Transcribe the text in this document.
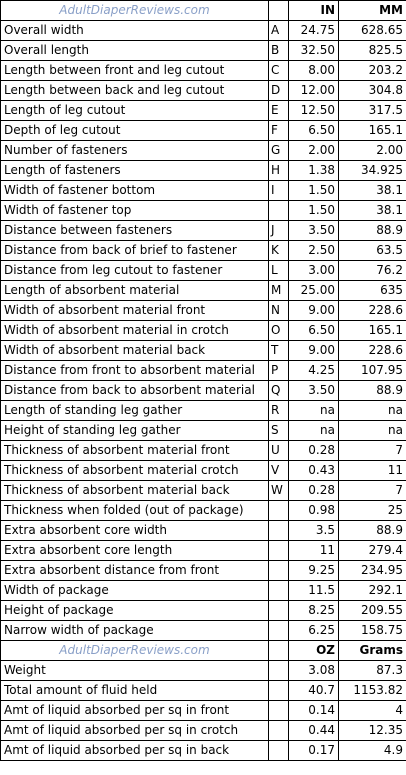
AdultDiaperReviews.com		IN	MM
Overall width	A	24.75	628.65
Overall length	B	32.50	825.5
Length between front and leg cutout	C	8.00	203.2
Length between back and leg cutout	D	12.00	304.8
Length of leg cutout	E	12.50	317.5
Depth of leg cutout	F	6.50	165.1
Number of fasteners	G	2.00	2.00
Length of fasteners	H	1.38	34.925
Width of fastener bottom	I	1.50	38.1
Width of fastener top		1.50	38.1
Distance between fasteners	J	3.50	88.9
Distance from back of brief to fastener	K	2.50	63.5
Distance from leg cutout to fastener	L	3.00	76.2
Length of absorbent material	M	25.00	635
Width of absorbent material front	N	9.00	228.6
Width of absorbent material in crotch	O	6.50	165.1
Width of absorbent material back	T	9.00	228.6
Distance from front to absorbent material	P	4.25	107.95
Distance from back to absorbent material	Q	3.50	88.9
Length of standing leg gather	R	na	na
Height of standing leg gather	S	na	na
Thickness of absorbent material front	U	0.28	7
Thickness of absorbent material crotch	V	0.43	11
Thickness of absorbent material back	W	0.28	7
Thickness when folded (out of package)		0.98	25
Extra absorbent core width		3.5	88.9
Extra absorbent core length		11	279.4
Extra absorbent distance from front		9.25	234.95
Width of package		11.5	292.1
Height of package		8.25	209.55
Narrow width of package		6.25	158.75
AdultDiaperReviews.com		OZ	Grams
Weight		3.08	87.3
Total amount of fluid held		40.7	1153.82
Amt of liquid absorbed per sq in front		0.14	4
Amt of liquid absorbed per sq in crotch		0.44	12.35
Amt of liquid absorbed per sq in back		0.17	4.9
